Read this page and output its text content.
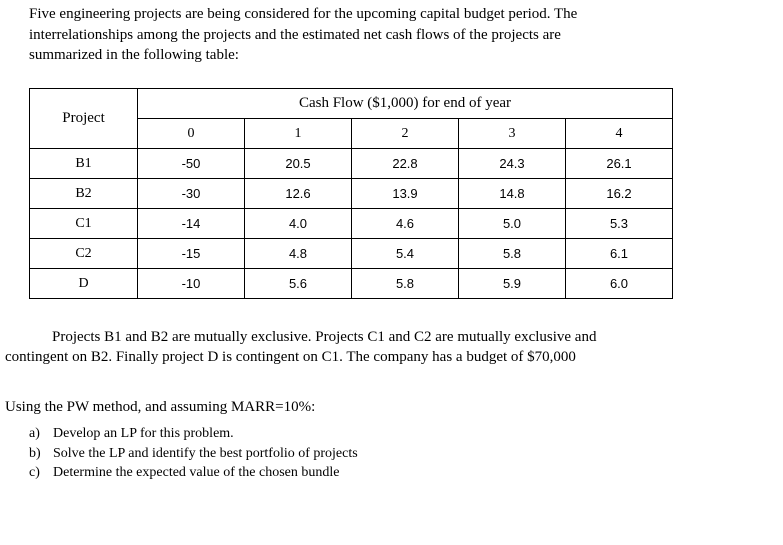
Five engineering projects are being considered for the upcoming capital budget period. The
interrelationships among the projects and the estimated net cash flows of the projects are
summarized in the following table:
Project	Cash Flow ($1,000) for end of year				
	0	1	2	3	4
B1	-50	20.5	22.8	24.3	26.1
B2	-30	12.6	13.9	14.8	16.2
C1	-14	4.0	4.6	5.0	5.3
C2	-15	4.8	5.4	5.8	6.1
D	-10	5.6	5.8	5.9	6.0
Projects B1 and B2 are mutually exclusive. Projects C1 and C2 are mutually exclusive and
contingent on B2. Finally project D is contingent on C1. The company has a budget of $70,000
Using the PW method, and assuming MARR=10%:
a) Develop an LP for this problem.
b) Solve the LP and identify the best portfolio of projects
c) Determine the expected value of the chosen bundle
